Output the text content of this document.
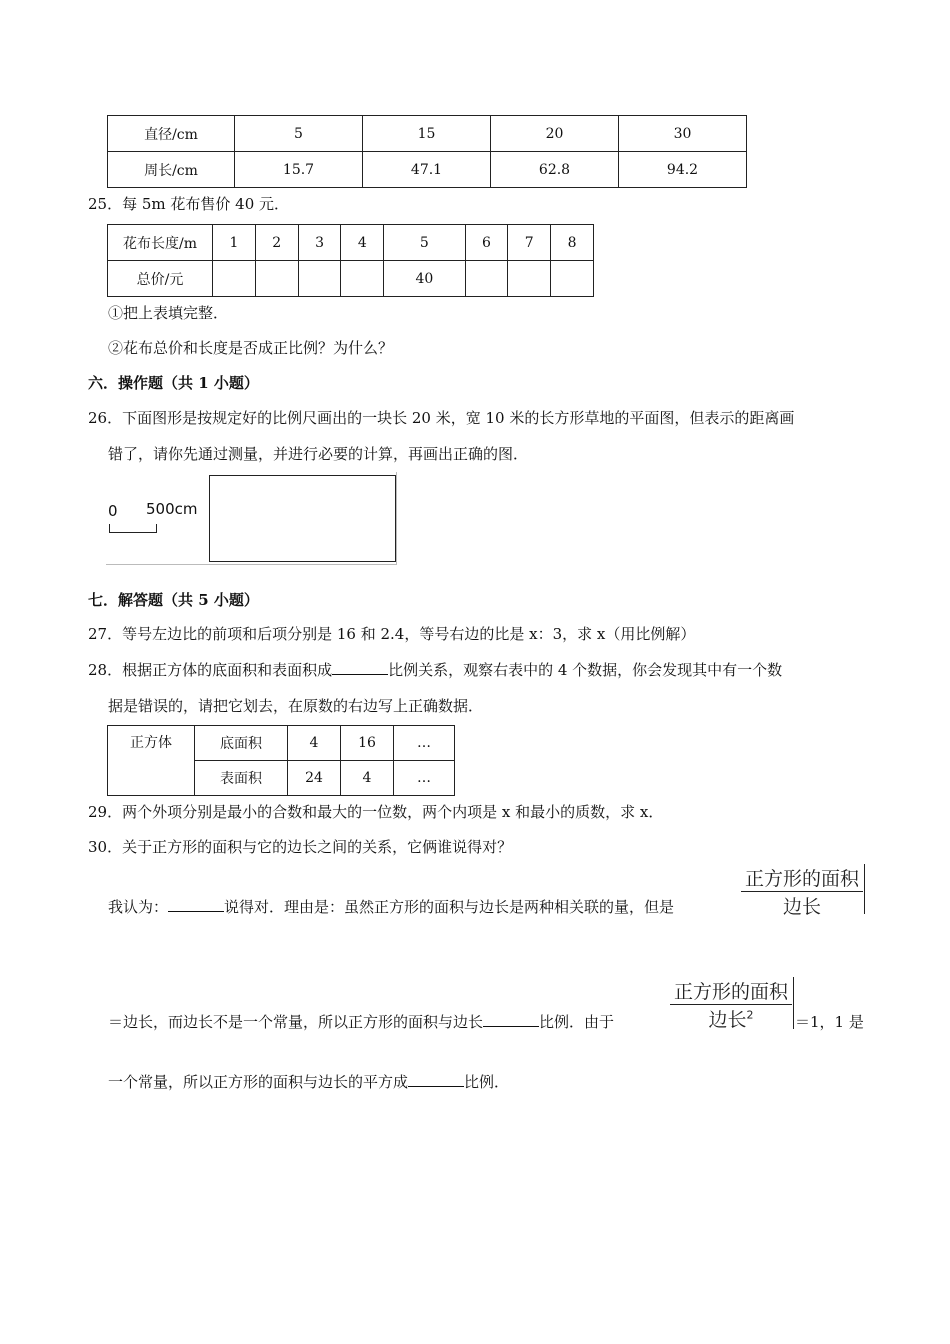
直径/cm	5	15	20	30
周长/cm	15.7	47.1	62.8	94.2
25．每 5m 花布售价 40 元．
花布长度/m	1	2	3	4	5	6	7	8
总价/元					40			
①把上表填完整．
②花布总价和长度是否成正比例？为什么？
六．操作题（共 1 小题）
26．下面图形是按规定好的比例尺画出的一块长 20 米，宽 10 米的长方形草地的平面图，但表示的距离画
错了，请你先通过测量，并进行必要的计算，再画出正确的图．
0 500cm
七．解答题（共 5 小题）
27．等号左边比的前项和后项分别是 16 和 2.4，等号右边的比是 x：3，求 x（用比例解）
28．根据正方体的底面积和表面积成	比例关系，观察右表中的 4 个数据，你会发现其中有一个数
据是错误的，请把它划去，在原数的右边写上正确数据．
正方体	底面积	4	16	…
	表面积	24	4	…
29．两个外项分别是最小的合数和最大的一位数，两个内项是 x 和最小的质数，求 x．
30．关于正方形的面积与它的边长之间的关系，它俩谁说得对？
我认为：	说得对．理由是：虽然正方形的面积与边长是两种相关联的量，但是
正方形的面积
边长
＝边长，而边长不是一个常量，所以正方形的面积与边长	比例．由于
正方形的面积
边长$^2$	＝1，1 是
一个常量，所以正方形的面积与边长的平方成	比例．
